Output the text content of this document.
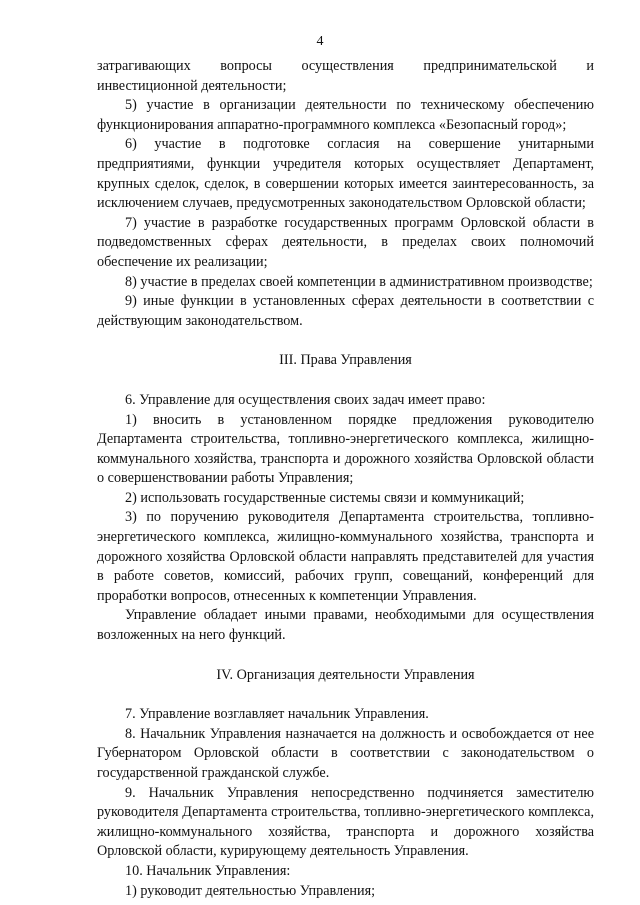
4

затрагивающих вопросы осуществления предпринимательской и инвестиционной деятельности;

5) участие в организации деятельности по техническому обеспечению функционирования аппаратно-программного комплекса «Безопасный город»;

6) участие в подготовке согласия на совершение унитарными предприятиями, функции учредителя которых осуществляет Департамент, крупных сделок, сделок, в совершении которых имеется заинтересованность, за исключением случаев, предусмотренных законодательством Орловской области;

7) участие в разработке государственных программ Орловской области в подведомственных сферах деятельности, в пределах своих полномочий обеспечение их реализации;

8) участие в пределах своей компетенции в административном производстве;

9) иные функции в установленных сферах деятельности в соответствии с действующим законодательством.

III. Права Управления

6. Управление для осуществления своих задач имеет право:

1) вносить в установленном порядке предложения руководителю Департамента строительства, топливно-энергетического комплекса, жилищно-коммунального хозяйства, транспорта и дорожного хозяйства Орловской области о совершенствовании работы Управления;

2) использовать государственные системы связи и коммуникаций;

3) по поручению руководителя Департамента строительства, топливно-энергетического комплекса, жилищно-коммунального хозяйства, транспорта и дорожного хозяйства Орловской области направлять представителей для участия в работе советов, комиссий, рабочих групп, совещаний, конференций для проработки вопросов, отнесенных к компетенции Управления.

Управление обладает иными правами, необходимыми для осуществления возложенных на него функций.

IV. Организация деятельности Управления

7. Управление возглавляет начальник Управления.

8. Начальник Управления назначается на должность и освобождается от нее Губернатором Орловской области в соответствии с законодательством о государственной гражданской службе.

9. Начальник Управления непосредственно подчиняется заместителю руководителя Департамента строительства, топливно-энергетического комплекса, жилищно-коммунального хозяйства, транспорта и дорожного хозяйства Орловской области, курирующему деятельность Управления.

10. Начальник Управления:

1) руководит деятельностью Управления;
